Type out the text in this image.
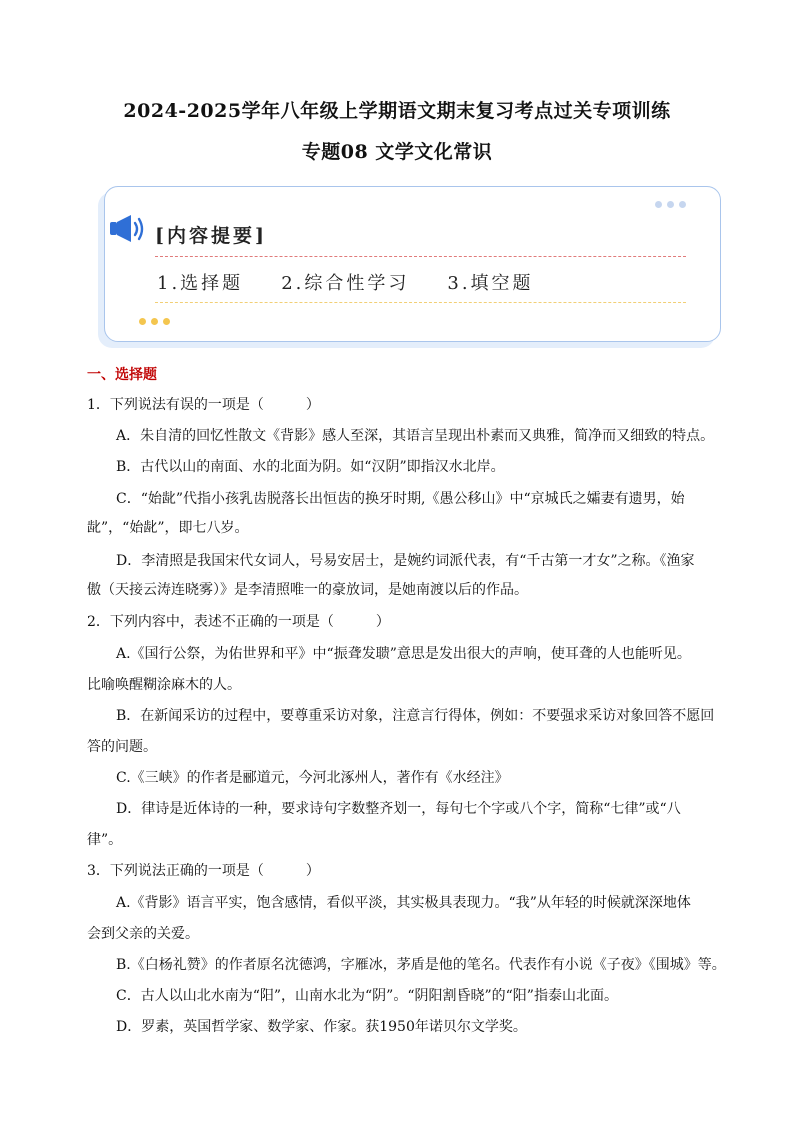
2024-2025学年八年级上学期语文期末复习考点过关专项训练
专题08 文学文化常识
[内容提要]
1.选择题 2.综合性学习 3.填空题
一、选择题
1．下列说法有误的一项是（　　　）
A．朱自清的回忆性散文《背影》感人至深，其语言呈现出朴素而又典雅，简净而又细致的特点。
B．古代以山的南面、水的北面为阴。如“汉阴”即指汉水北岸。
C．“始龀”代指小孩乳齿脱落长出恒齿的换牙时期,《愚公移山》中“京城氏之孀妻有遗男，始
龀”，“始龀”，即七八岁。
D．李清照是我国宋代女词人，号易安居士，是婉约词派代表，有“千古第一才女”之称。《渔家
傲（天接云涛连晓雾）》是李清照唯一的豪放词，是她南渡以后的作品。
2．下列内容中，表述不正确的一项是（　　　）
A.《国行公祭，为佑世界和平》中“振聋发聩”意思是发出很大的声响，使耳聋的人也能听见。
比喻唤醒糊涂麻木的人。
B．在新闻采访的过程中，要尊重采访对象，注意言行得体，例如：不要强求采访对象回答不愿回
答的问题。
C.《三峡》的作者是郦道元，今河北涿州人，著作有《水经注》
D．律诗是近体诗的一种，要求诗句字数整齐划一，每句七个字或八个字，简称“七律”或“八
律”。
3．下列说法正确的一项是（　　　）
A.《背影》语言平实，饱含感情，看似平淡，其实极具表现力。“我”从年轻的时候就深深地体
会到父亲的关爱。
B.《白杨礼赞》的作者原名沈德鸿，字雁冰，茅盾是他的笔名。代表作有小说《子夜》《围城》等。
C．古人以山北水南为“阳”，山南水北为“阴”。“阴阳割昏晓”的“阳”指泰山北面。
D．罗素，英国哲学家、数学家、作家。获1950年诺贝尔文学奖。
